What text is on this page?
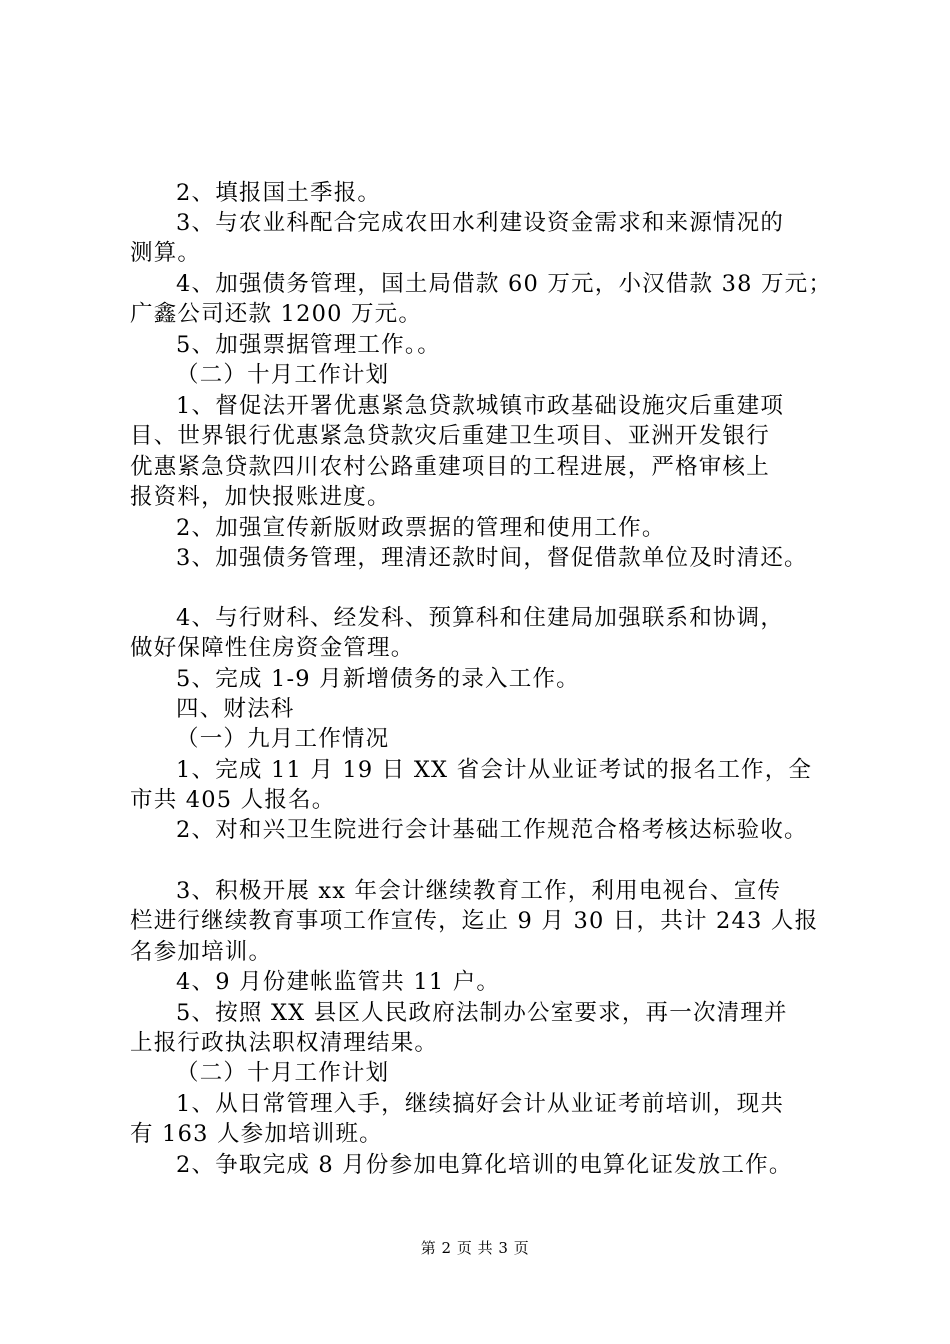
2、填报国土季报。
3、与农业科配合完成农田水利建设资金需求和来源情况的
测算。
4、加强债务管理，国土局借款 60 万元，小汉借款 38 万元；
广鑫公司还款 1200 万元。
5、加强票据管理工作。。
（二）十月工作计划
1、督促法开署优惠紧急贷款城镇市政基础设施灾后重建项
目、世界银行优惠紧急贷款灾后重建卫生项目、亚洲开发银行
优惠紧急贷款四川农村公路重建项目的工程进展，严格审核上
报资料，加快报账进度。
2、加强宣传新版财政票据的管理和使用工作。
3、加强债务管理，理清还款时间，督促借款单位及时清还。
4、与行财科、经发科、预算科和住建局加强联系和协调，
做好保障性住房资金管理。
5、完成 1-9 月新增债务的录入工作。
四、财法科
（一）九月工作情况
1、完成 11 月 19 日 XX 省会计从业证考试的报名工作，全
市共 405 人报名。
2、对和兴卫生院进行会计基础工作规范合格考核达标验收。
3、积极开展 xx 年会计继续教育工作，利用电视台、宣传
栏进行继续教育事项工作宣传，迄止 9 月 30 日，共计 243 人报
名参加培训。
4、9 月份建帐监管共 11 户。
5、按照 XX 县区人民政府法制办公室要求，再一次清理并
上报行政执法职权清理结果。
（二）十月工作计划
1、从日常管理入手，继续搞好会计从业证考前培训，现共
有 163 人参加培训班。
2、争取完成 8 月份参加电算化培训的电算化证发放工作。
第 2 页 共 3 页
